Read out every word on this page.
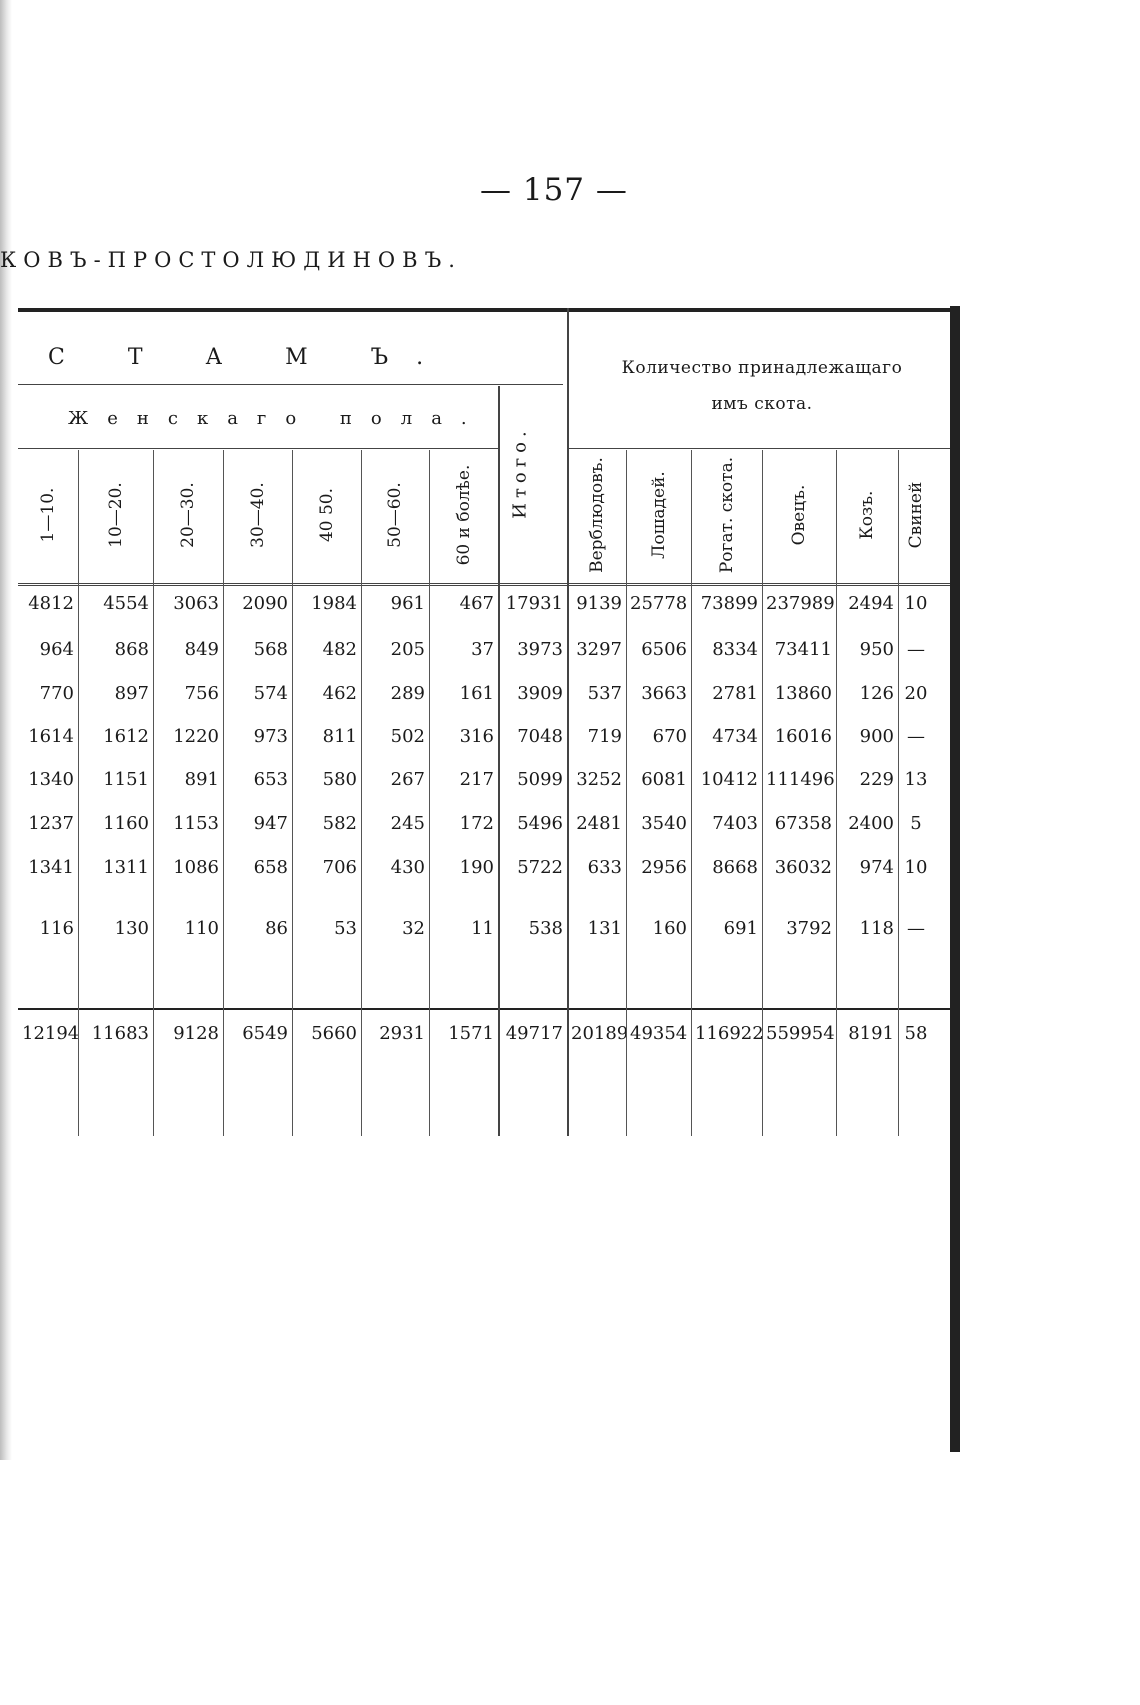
— 157 —
КОВЪ-ПРОСТОЛЮДИНОВЪ.
С Т А М Ъ.
Женскаго пола.
Количество принадлежащаго имъ скота.
Итого.
1—10.	10—20.	20—30.	30—40.	40 50.	50—60.	60 и болѣе.	Верблюдовъ. Лошадей.	Рогат. скота.	Овецъ.	Козъ. Свиней
4812	4554	3063	2090	1984	961	467 17931 9139 25778 73899 237989 2494 10
964	868	849	568	482	205	37	3973 3297	6506	8334 73411	950 —
770	897	756	574	462	289	161	3909	537	3663	2781 13860	126 20
1614	1612	1220	973	811	502	316	7048	719	670	4734 16016	900 —
1340	1151	891	653	580	267	217	5099 3252	6081 10412 111496	229 13
1237	1160	1153	947	582	245	172	5496 2481	3540	7403 67358 2400 5
1341	1311	1086	658	706	430	190	5722	633	2956	8668 36032	974 10
116	130	110	86	53	32	11	538	131	160	691	3792	118 —
12194 11683	9128	6549	5660	2931	1571 49717 20189 49354 116922 559954 8191 58
